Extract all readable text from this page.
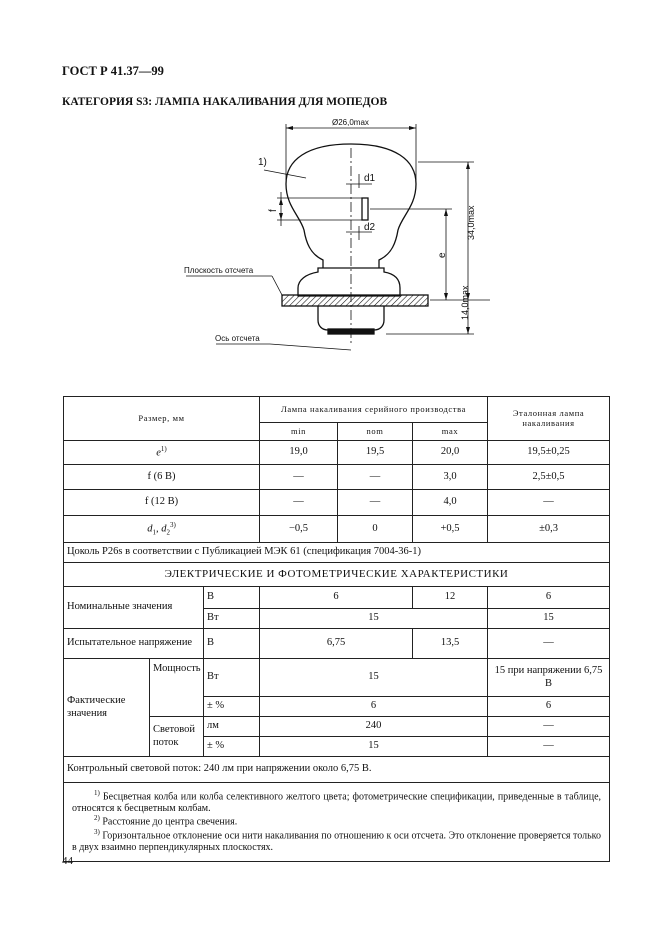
ГОСТ Р 41.37—99
КАТЕГОРИЯ S3: ЛАМПА НАКАЛИВАНИЯ ДЛЯ МОПЕДОВ
Ø26,0max
1)
d1
d2
f
e
34,0max
14,0max
Плоскость отсчета
Ось отсчета
Размер, мм			Лампа накаливания серийного производства			Эталонная лампа накаливания
			min	nom	max	
$e^{1)}$			19,0	19,5	20,0	19,5±0,25
f (6 В)			—	—	3,0	2,5±0,5
f (12 В)			—	—	4,0	—
$d_1$, $d_2^{3)}$			−0,5	0	+0,5	±0,3
Цоколь P26s в соответствии с Публикацией МЭК 61 (спецификация 7004-36-1)						
ЭЛЕКТРИЧЕСКИЕ И ФОТОМЕТРИЧЕСКИЕ ХАРАКТЕРИСТИКИ						
Номинальные значения		В	6		12	6
		Вт	15			15
Испытательное напряжение		В	6,75		13,5	—
Фактические значения	Мощность	Вт	15			15 при напряжении 6,75 В
		± %	6			6
	Световой поток	лм	240			—
		± %	15			—
Контрольный световой поток: 240 лм при напряжении около 6,75 В.						

$^{1)}$ Бесцветная колба или колба селективного желтого цвета; фотометрические спецификации, приведенные в таблице, относятся к бесцветным колбам.
$^{2)}$ Расстояние до центра свечения.
$^{3)}$ Горизонтальное отклонение оси нити накаливания по отношению к оси отсчета. Это отклонение проверяется только в двух взаимно перпендикулярных плоскостях.						
44
